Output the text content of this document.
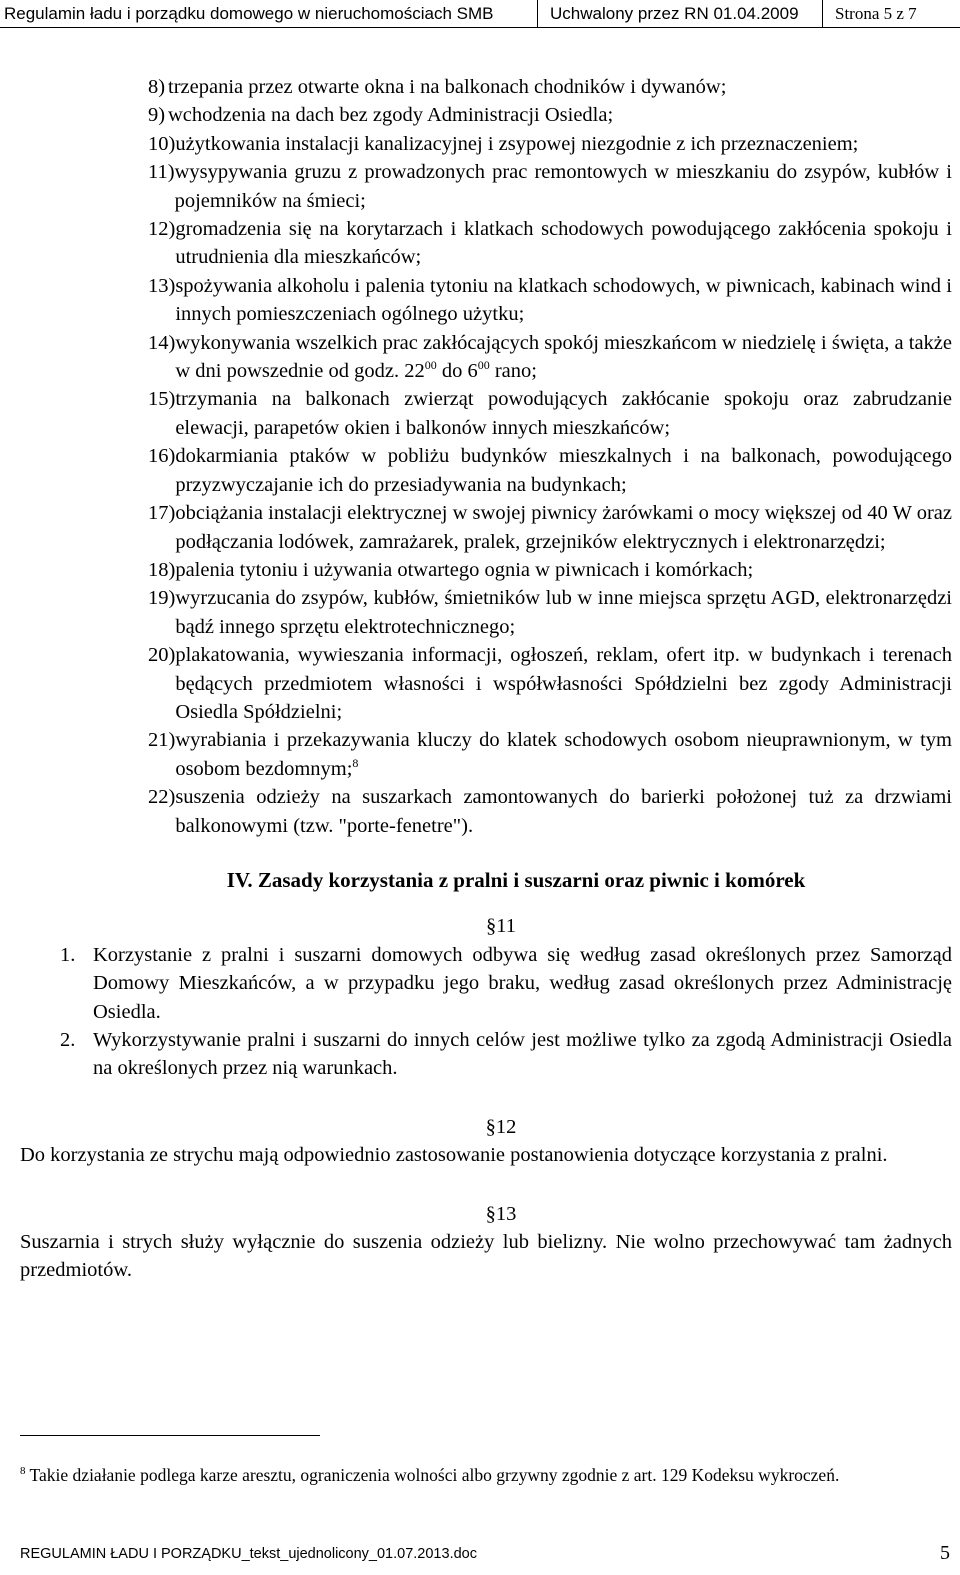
Regulamin ładu i porządku domowego w nieruchomościach SMB	Uchwalony przez RN 01.04.2009	Strona 5 z 7
8) trzepania przez otwarte okna i na balkonach chodników i dywanów;
9) wchodzenia na dach bez zgody Administracji Osiedla;
10) użytkowania instalacji kanalizacyjnej i zsypowej niezgodnie z ich przeznaczeniem;
11) wysypywania gruzu z prowadzonych prac remontowych w mieszkaniu do zsypów, kubłów i pojemników na śmieci;
12) gromadzenia się na korytarzach i klatkach schodowych powodującego zakłócenia spokoju i utrudnienia dla mieszkańców;
13) spożywania alkoholu i palenia tytoniu na klatkach schodowych, w piwnicach, kabinach wind i innych pomieszczeniach ogólnego użytku;
14) wykonywania wszelkich prac zakłócających spokój mieszkańcom w niedzielę i święta, a także w dni powszednie od godz. $22^{00}$ do $6^{00}$ rano;
15) trzymania na balkonach zwierząt powodujących zakłócanie spokoju oraz zabrudzanie elewacji, parapetów okien i balkonów innych mieszkańców;
16) dokarmiania ptaków w pobliżu budynków mieszkalnych i na balkonach, powodującego przyzwyczajanie ich do przesiadywania na budynkach;
17) obciążania instalacji elektrycznej w swojej piwnicy żarówkami o mocy większej od 40 W oraz podłączania lodówek, zamrażarek, pralek, grzejników elektrycznych i elektronarzędzi;
18) palenia tytoniu i używania otwartego ognia w piwnicach i komórkach;
19) wyrzucania do zsypów, kubłów, śmietników lub w inne miejsca sprzętu AGD, elektronarzędzi bądź innego sprzętu elektrotechnicznego;
20) plakatowania, wywieszania informacji, ogłoszeń, reklam, ofert itp. w budynkach i terenach będących przedmiotem własności i współwłasności Spółdzielni bez zgody Administracji Osiedla Spółdzielni;
21) wyrabiania i przekazywania kluczy do klatek schodowych osobom nieuprawnionym, w tym osobom bezdomnym;$^8$
22) suszenia odzieży na suszarkach zamontowanych do barierki położonej tuż za drzwiami balkonowymi (tzw. "porte-fenetre").
IV. Zasady korzystania z pralni i suszarni oraz piwnic i komórek
§11
1. Korzystanie z pralni i suszarni domowych odbywa się według zasad określonych przez Samorząd Domowy Mieszkańców, a w przypadku jego braku, według zasad określonych przez Administrację Osiedla.
2. Wykorzystywanie pralni i suszarni do innych celów jest możliwe tylko za zgodą Administracji Osiedla na określonych przez nią warunkach.
§12
Do korzystania ze strychu mają odpowiednio zastosowanie postanowienia dotyczące korzystania z pralni.
§13
Suszarnia i strych służy wyłącznie do suszenia odzieży lub bielizny. Nie wolno przechowywać tam żadnych przedmiotów.
$^8$ Takie działanie podlega karze aresztu, ograniczenia wolności albo grzywny zgodnie z art. 129 Kodeksu wykroczeń.
REGULAMIN ŁADU I PORZĄDKU_tekst_ujednolicony_01.07.2013.doc	5
